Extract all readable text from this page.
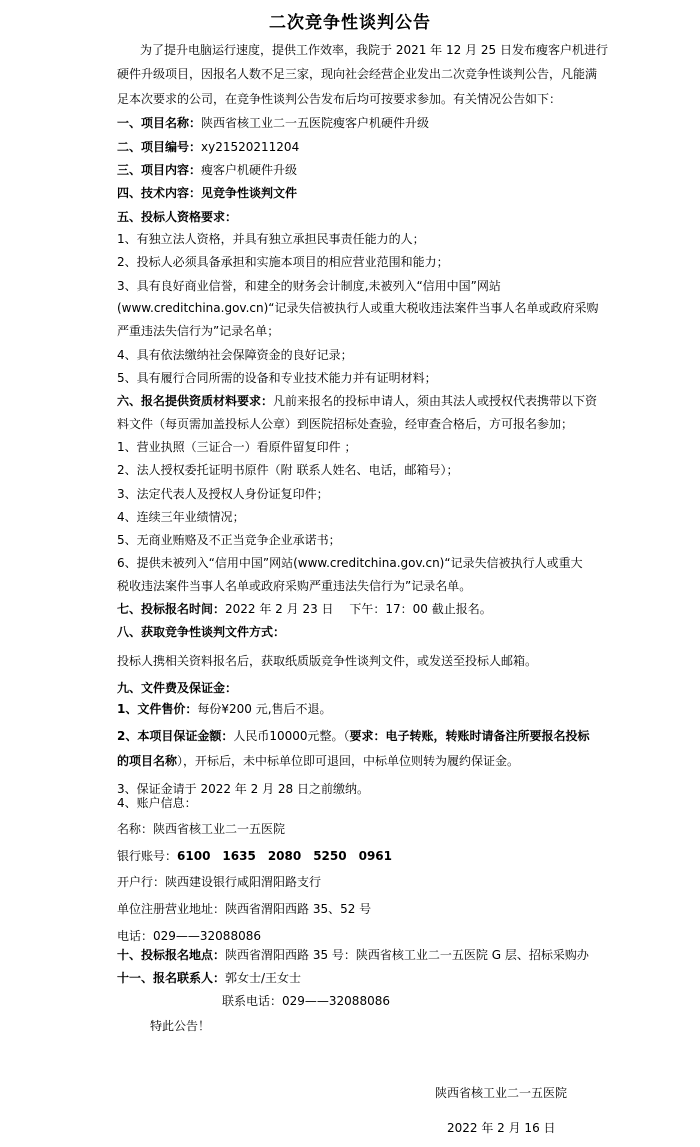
二次竞争性谈判公告
为了提升电脑运行速度，提供工作效率，我院于 2021 年 12 月 25 日发布瘦客户机进行
硬件升级项目，因报名人数不足三家，现向社会经营企业发出二次竞争性谈判公告，凡能满
足本次要求的公司，在竞争性谈判公告发布后均可按要求参加。有关情况公告如下：
一、项目名称：陕西省核工业二一五医院瘦客户机硬件升级
二、项目编号：xy21520211204
三、项目内容：瘦客户机硬件升级
四、技术内容：见竞争性谈判文件
五、投标人资格要求：
1、有独立法人资格，并具有独立承担民事责任能力的人；
2、投标人必须具备承担和实施本项目的相应营业范围和能力；
3、具有良好商业信誉，和建全的财务会计制度,未被列入“信用中国”网站
(www.creditchina.gov.cn)“记录失信被执行人或重大税收违法案件当事人名单或政府采购
严重违法失信行为”记录名单；
4、具有依法缴纳社会保障资金的良好记录；
5、具有履行合同所需的设备和专业技术能力并有证明材料；
六、报名提供资质材料要求：凡前来报名的投标申请人，须由其法人或授权代表携带以下资
料文件（每页需加盖投标人公章）到医院招标处查验，经审查合格后，方可报名参加；
1、营业执照（三证合一）看原件留复印件 ；
2、法人授权委托证明书原件（附 联系人姓名、电话，邮箱号）；
3、法定代表人及授权人身份证复印件；
4、连续三年业绩情况；
5、无商业贿赂及不正当竞争企业承诺书；
6、提供未被列入“信用中国”网站(www.creditchina.gov.cn)“记录失信被执行人或重大
税收违法案件当事人名单或政府采购严重违法失信行为”记录名单。
七、投标报名时间：2022 年 2 月 23 日　 下午：17：00 截止报名。
八、获取竞争性谈判文件方式：
投标人携相关资料报名后，获取纸质版竞争性谈判文件，或发送至投标人邮箱。
九、文件费及保证金：
1、文件售价：每份¥200 元,售后不退。
2、本项目保证金额：人民币10000元整。（要求：电子转账，转账时请备注所要报名投标
的项目名称），开标后，未中标单位即可退回，中标单位则转为履约保证金。
3、保证金请于 2022 年 2 月 28 日之前缴纳。
4、账户信息：
名称：陕西省核工业二一五医院
银行账号：6100　1635　2080　5250　0961
开户行：陕西建设银行咸阳渭阳路支行
单位注册营业地址：陕西省渭阳西路 35、52 号
电话：029——32088086
十、投标报名地点：陕西省渭阳西路 35 号：陕西省核工业二一五医院 G 层、招标采购办
十一、报名联系人：郭女士/王女士
联系电话：029——32088086
特此公告！
陕西省核工业二一五医院
2022 年 2 月 16 日
